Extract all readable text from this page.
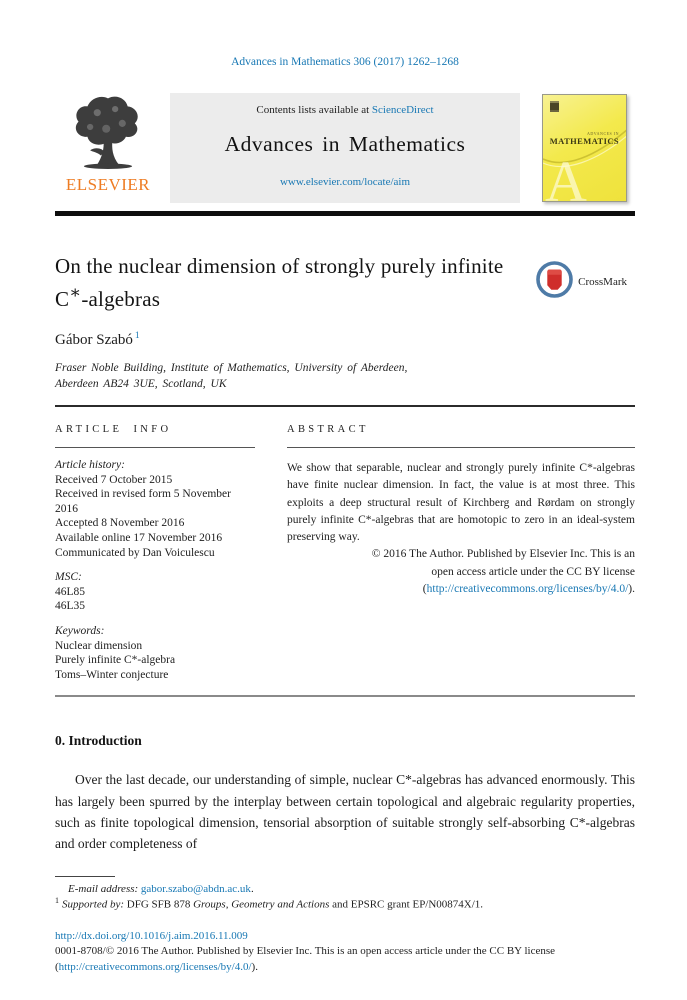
Advances in Mathematics 306 (2017) 1262–1268
ELSEVIER
Contents lists available at ScienceDirect
Advances in Mathematics
www.elsevier.com/locate/aim	A
ADVANCES IN
MATHEMATICS
On the nuclear dimension of strongly purely infinite C∗-algebras
CrossMark
Gábor Szabó $^1$
Fraser Noble Building, Institute of Mathematics, University of Aberdeen,
Aberdeen AB24 3UE, Scotland, UK
ARTICLE INFO
Article history:
Received 7 October 2015
Received in revised form 5 November 2016
Accepted 8 November 2016
Available online 17 November 2016
Communicated by Dan Voiculescu
MSC:
46L85
46L35
Keywords:
Nuclear dimension
Purely infinite C*-algebra
Toms–Winter conjecture
ABSTRACT
We show that separable, nuclear and strongly purely infinite C*-algebras have finite nuclear dimension. In fact, the value is at most three. This exploits a deep structural result of Kirchberg and Rørdam on strongly purely infinite C*-algebras that are homotopic to zero in an ideal-system preserving way.
© 2016 The Author. Published by Elsevier Inc. This is an
open access article under the CC BY license
(http://creativecommons.org/licenses/by/4.0/).
0. Introduction
Over the last decade, our understanding of simple, nuclear C*-algebras has advanced enormously. This has largely been spurred by the interplay between certain topological and algebraic regularity properties, such as finite topological dimension, tensorial absorption of suitable strongly self-absorbing C*-algebras and order completeness of
E-mail address: gabor.szabo@abdn.ac.uk.
$^1$ Supported by: DFG SFB 878 Groups, Geometry and Actions and EPSRC grant EP/N00874X/1.
http://dx.doi.org/10.1016/j.aim.2016.11.009
0001-8708/© 2016 The Author. Published by Elsevier Inc. This is an open access article under the CC BY license (http://creativecommons.org/licenses/by/4.0/).
